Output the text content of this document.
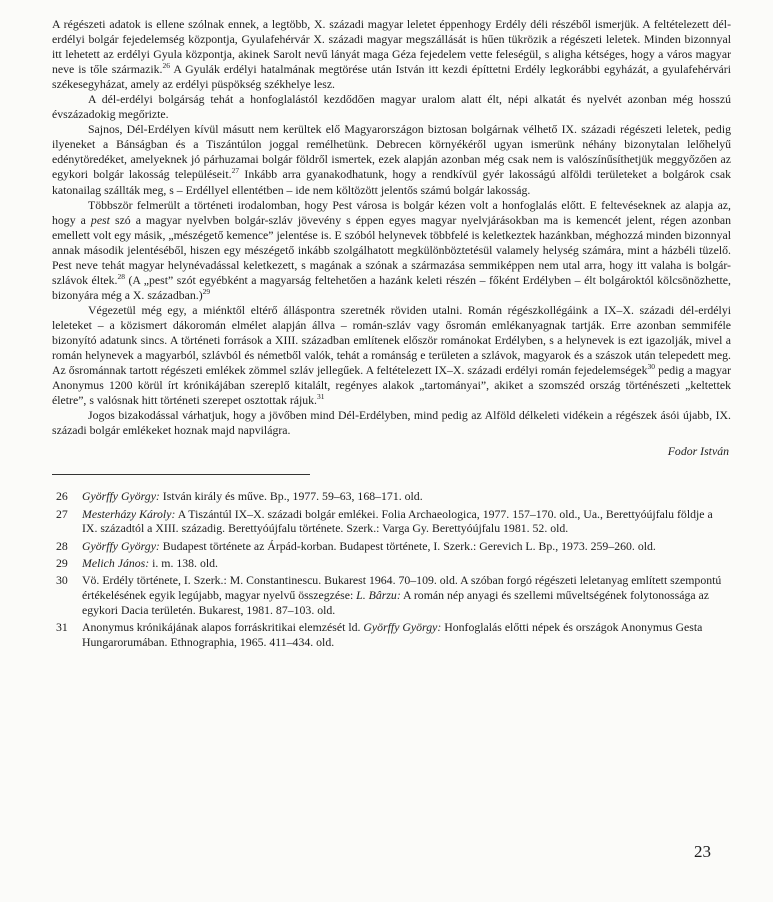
A régészeti adatok is ellene szólnak ennek, a legtöbb, X. századi magyar leletet éppenhogy Erdély déli részéből ismerjük. A feltételezett dél-erdélyi bolgár fejedelemség központja, Gyulafehérvár X. századi magyar megszállását is hűen tükrözik a régészeti leletek. Minden bizonnyal itt lehetett az erdélyi Gyula központja, akinek Sarolt nevű lányát maga Géza fejedelem vette feleségül, s aligha kétséges, hogy a város magyar neve is tőle származik.$^{26}$ A Gyulák erdélyi hatalmának megtörése után István itt kezdi építtetni Erdély legkorábbi egyházát, a gyulafehérvári székesegyházat, amely az erdélyi püspökség székhelye lesz.

A dél-erdélyi bolgárság tehát a honfoglalástól kezdődően magyar uralom alatt élt, népi alkatát és nyelvét azonban még hosszú évszázadokig megőrizte.

Sajnos, Dél-Erdélyen kívül másutt nem kerültek elő Magyarországon biztosan bolgárnak vélhető IX. századi régészeti leletek, pedig ilyeneket a Bánságban és a Tiszántúlon joggal remélhetünk. Debrecen környékéről ugyan ismerünk néhány bizonytalan lelőhelyű edénytöredéket, amelyeknek jó párhuzamai bolgár földről ismertek, ezek alapján azonban még csak nem is valószínűsíthetjük meggyőzően az egykori bolgár lakosság településeit.$^{27}$ Inkább arra gyanakodhatunk, hogy a rendkívül gyér lakosságú alföldi területeket a bolgárok csak katonailag szállták meg, s – Erdéllyel ellentétben – ide nem költözött jelentős számú bolgár lakosság.

Többször felmerült a történeti irodalomban, hogy Pest városa is bolgár kézen volt a honfoglalás előtt. E feltevéseknek az alapja az, hogy a pest szó a magyar nyelvben bolgár-szláv jövevény s éppen egyes magyar nyelvjárásokban ma is kemencét jelent, régen azonban emellett volt egy másik, „mészégető kemence” jelentése is. E szóból helynevek többfelé is keletkeztek hazánkban, méghozzá minden bizonnyal annak második jelentéséből, hiszen egy mészégető inkább szolgálhatott megkülönböztetésül valamely helység számára, mint a házbéli tüzelő. Pest neve tehát magyar helynévadással keletkezett, s magának a szónak a származása semmiképpen nem utal arra, hogy itt valaha is bolgár-szlávok éltek.$^{28}$ (A „pest” szót egyébként a magyarság feltehetően a hazánk keleti részén – főként Erdélyben – élt bolgároktól kölcsönözhette, bizonyára még a X. században.)$^{29}$

Végezetül még egy, a miénktől eltérő álláspontra szeretnék röviden utalni. Román régészkollégáink a IX–X. századi dél-erdélyi leleteket – a közismert dákoromán elmélet alapján állva – román-szláv vagy ősromán emlékanyagnak tartják. Erre azonban semmiféle bizonyító adatunk sincs. A történeti források a XIII. században említenek először románokat Erdélyben, s a helynevek is ezt igazolják, mivel a román helynevek a magyarból, szlávból és németből valók, tehát a románság e területen a szlávok, magyarok és a szászok után telepedett meg. Az ősrománnak tartott régészeti emlékek zömmel szláv jellegűek. A feltételezett IX–X. századi erdélyi román fejedelemségek$^{30}$ pedig a magyar Anonymus 1200 körül írt krónikájában szereplő kitalált, regényes alakok „tartományai”, akiket a szomszéd ország történészeti „keltettek életre”, s valósnak hitt történeti szerepet osztottak rájuk.$^{31}$

Jogos bizakodással várhatjuk, hogy a jövőben mind Dél-Erdélyben, mind pedig az Alföld délkeleti vidékein a régészek ásói újabb, IX. századi bolgár emlékeket hoznak majd napvilágra.

Fodor István
26	Györffy György: István király és műve. Bp., 1977. 59–63, 168–171. old.
27	Mesterházy Károly: A Tiszántúl IX–X. századi bolgár emlékei. Folia Archaeologica, 1977. 157–170. old., Ua., Berettyóújfalu földje a IX. századtól a XIII. századig. Berettyóújfalu története. Szerk.: Varga Gy. Berettyóújfalu 1981. 52. old.
28	Györffy György: Budapest története az Árpád-korban. Budapest története, I. Szerk.: Gerevich L. Bp., 1973. 259–260. old.
29	Melich János: i. m. 138. old.
30	Vö. Erdély története, I. Szerk.: M. Constantinescu. Bukarest 1964. 70–109. old. A szóban forgó régészeti leletanyag említett szempontú értékelésének egyik legújabb, magyar nyelvű összegzése: L. Bârzu: A román nép anyagi és szellemi műveltségének folytonossága az egykori Dacia területén. Bukarest, 1981. 87–103. old.
31	Anonymus krónikájának alapos forráskritikai elemzését ld. Györffy György: Honfoglalás előtti népek és országok Anonymus Gesta Hungarorumában. Ethnographia, 1965. 411–434. old.
23
